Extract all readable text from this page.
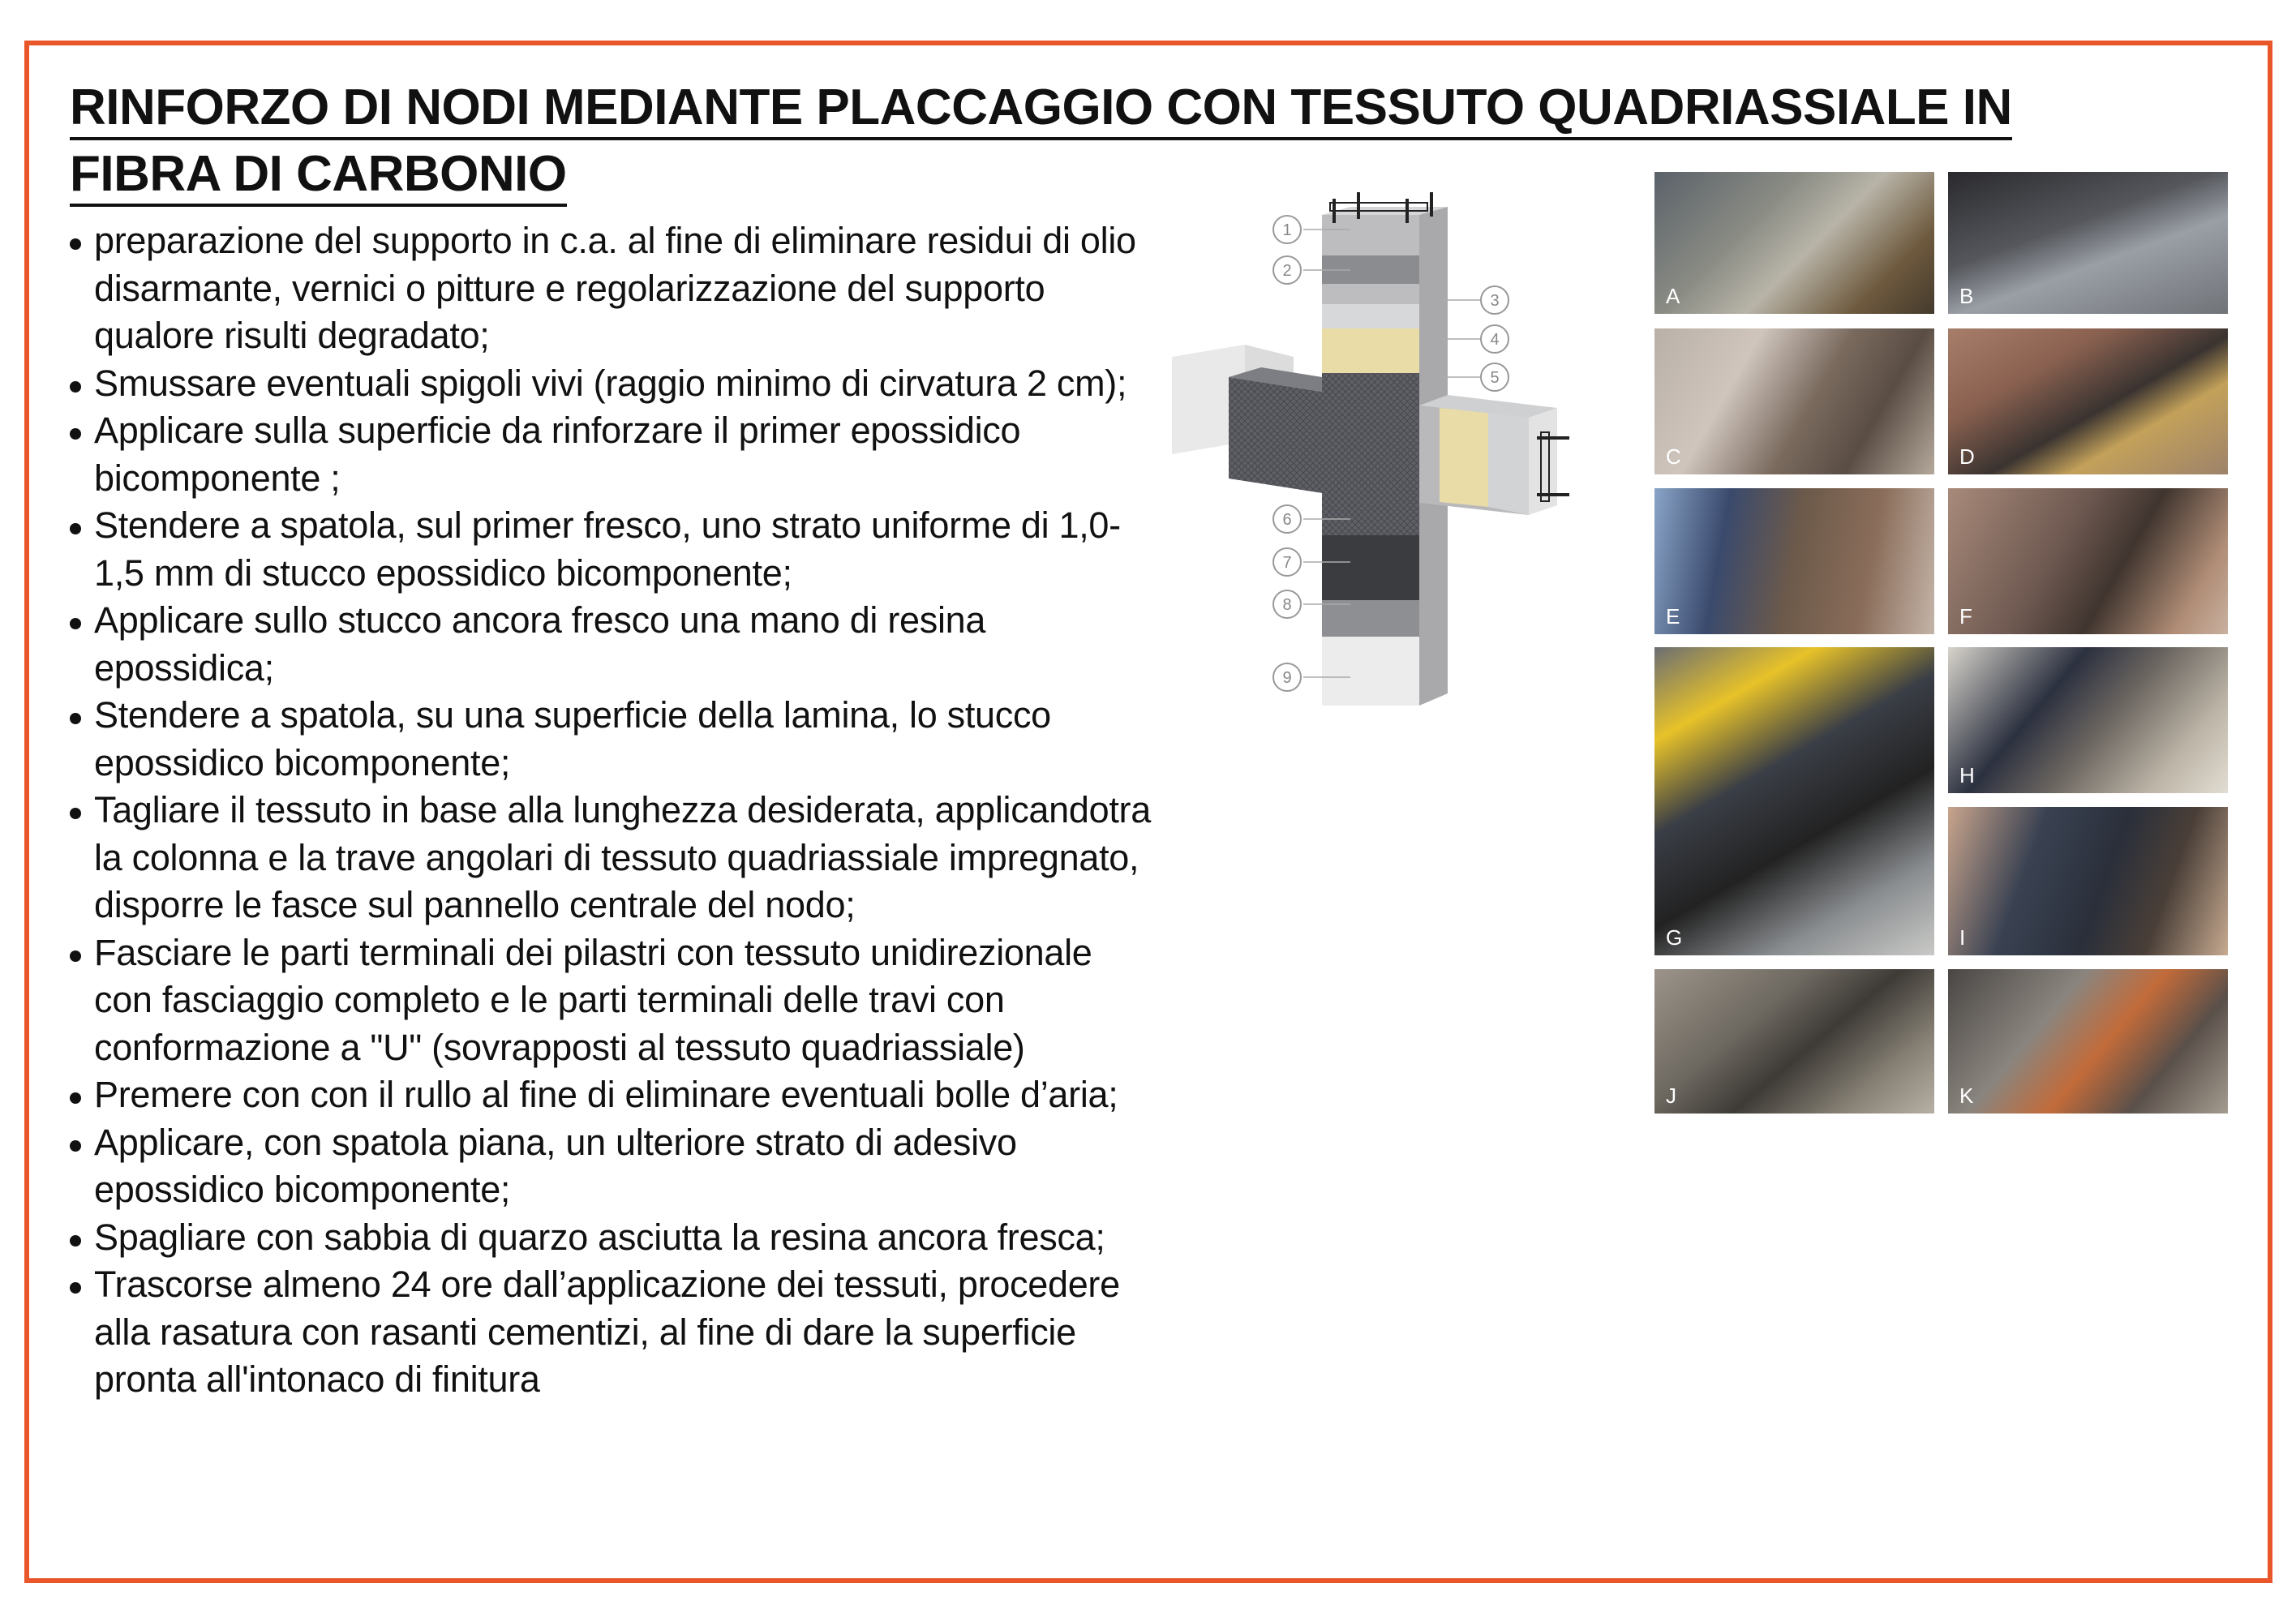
RINFORZO DI NODI MEDIANTE PLACCAGGIO CON TESSUTO QUADRIASSIALE IN
FIBRA DI CARBONIO
preparazione del supporto in c.a. al fine di eliminare residui di olio disarmante, vernici o pitture e regolarizzazione del supporto qualore risulti degradato;
Smussare eventuali spigoli vivi (raggio minimo di cirvatura 2 cm);
Applicare sulla superficie da rinforzare il primer epossidico bicomponente ;
Stendere a spatola, sul primer fresco, uno strato uniforme di 1,0-1,5 mm di stucco epossidico bicomponente;
Applicare sullo stucco ancora fresco una mano di resina epossidica;
Stendere a spatola, su una superficie della lamina, lo stucco epossidico bicomponente;
Tagliare il tessuto in base alla lunghezza desiderata, applicandotra la colonna e la trave angolari di tessuto quadriassiale impregnato, disporre le fasce sul pannello centrale del nodo;
Fasciare le parti terminali dei pilastri con tessuto unidirezionale con fasciaggio completo e le parti terminali delle travi con conformazione a "U" (sovrapposti al tessuto quadriassiale)
Premere con con il rullo al fine di eliminare eventuali bolle d’aria;
Applicare, con spatola piana, un ulteriore strato di adesivo epossidico bicomponente;
Spagliare con sabbia di quarzo asciutta la resina ancora fresca;
Trascorse almeno 24 ore dall’applicazione dei tessuti, procedere alla rasatura con rasanti cementizi, al fine di dare la superficie pronta all'intonaco di finitura
1
2
3
4
5
6
7
8
9
A	B
C	D
E	F
G
H
I
J	K
